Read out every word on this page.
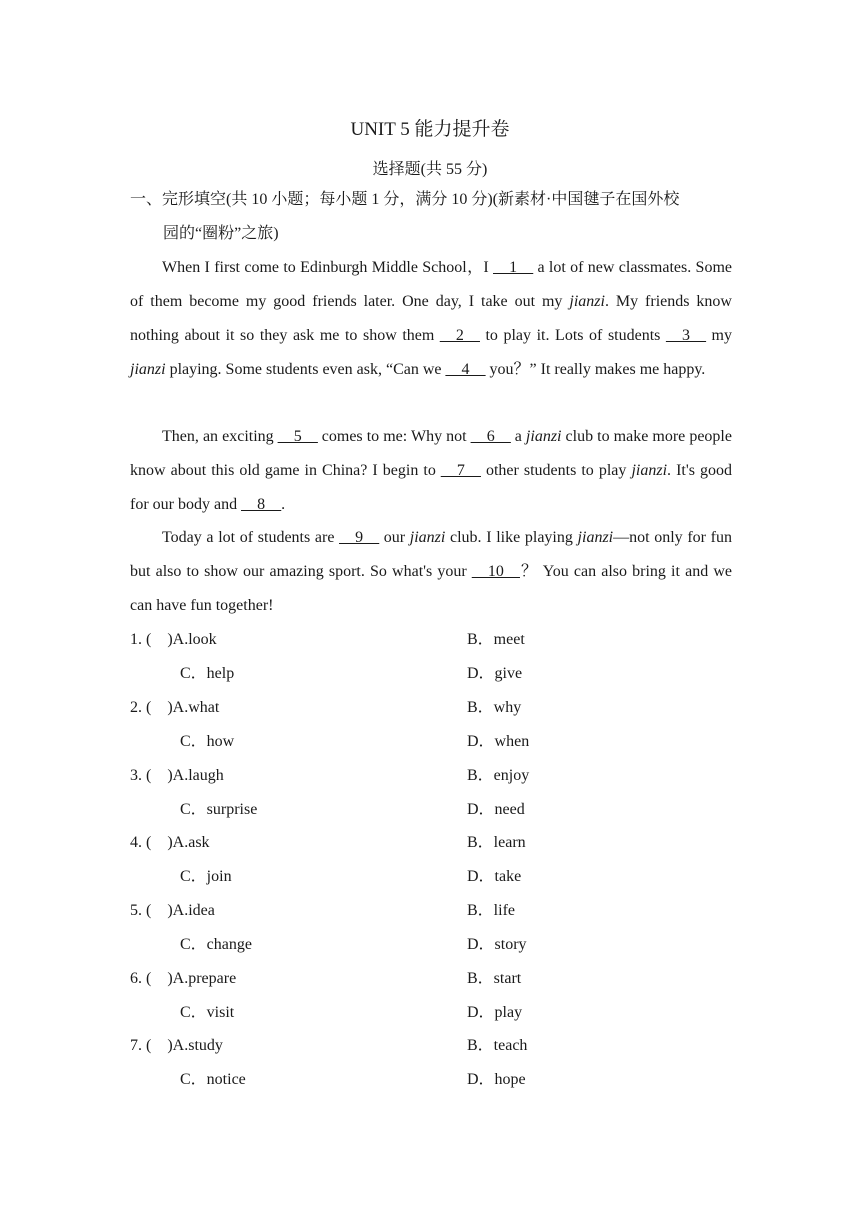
UNIT 5 能力提升卷
选择题(共 55 分)
一、完形填空(共 10 小题；每小题 1 分，满分 10 分)(新素材·中国毽子在国外校
园的“圈粉”之旅)

When I first come to Edinburgh Middle School，I __1__ a lot of new classmates. Some of them become my good friends later. One day, I take out my jianzi. My friends know nothing about it so they ask me to show them __2__ to play it. Lots of students __3__ my jianzi playing. Some students even ask, “Can we __4__ you？” It really makes me happy.

Then, an exciting __5__ comes to me: Why not __6__ a jianzi club to make more people know about this old game in China? I begin to __7__ other students to play jianzi. It's good for our body and __8__.

Today a lot of students are __9__ our jianzi club. I like playing jianzi—not only for fun but also to show our amazing sport. So what's your __10__？ You can also bring it and we can have fun together!

1. (    )A.look	B．meet
C．help	D．give
2. (    )A.what	B．why
C．how	D．when
3. (    )A.laugh	B．enjoy
C．surprise	D．need
4. (    )A.ask	B．learn
C．join	D．take
5. (    )A.idea	B．life
C．change	D．story
6. (    )A.prepare	B．start
C．visit	D．play
7. (    )A.study	B．teach
C．notice	D．hope
